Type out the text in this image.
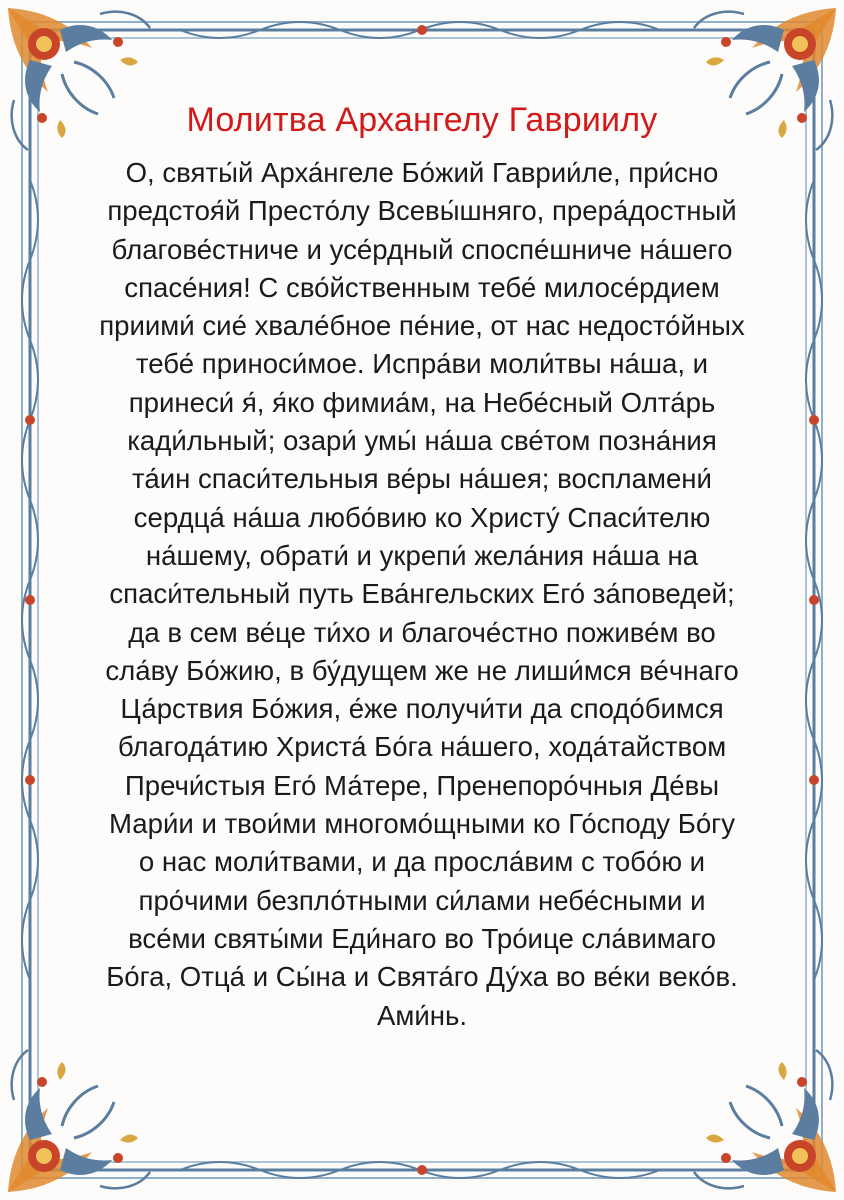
Молитва Архангелу Гавриилу
О, святы́й Арха́нгеле Бо́жий Гаврии́ле, при́сно
предстоя́й Престо́лу Всевы́шняго, прера́достный
благове́стниче и усе́рдный споспе́шниче на́шего
спасе́ния! С сво́йственным тебе́ милосе́рдием
приими́ сие́ хвале́бное пе́ние, от нас недосто́йных
тебе́ приноси́мое. Испра́ви моли́твы на́ша, и
принеси́ я́, я́ко фимиа́м, на Небе́сный Олта́рь
кади́льный; озари́ умы́ на́ша све́том позна́ния
та́ин спаси́тельныя ве́ры на́шея; воспламени́
сердца́ на́ша любо́вию ко Христу́ Спаси́телю
на́шему, обрати́ и укрепи́ жела́ния на́ша на
спаси́тельный путь Ева́нгельских Его́ за́поведей;
да в сем ве́це ти́хо и благоче́стно поживе́м во
сла́ву Бо́жию, в бу́дущем же не лиши́мся ве́чнаго
Ца́рствия Бо́жия, е́же получи́ти да сподо́бимся
благода́тию Христа́ Бо́га на́шего, хода́тайством
Пречи́стыя Его́ Ма́тере, Пренепоро́чныя Де́вы
Мари́и и твои́ми многомо́щными ко Го́споду Бо́гу
о нас моли́твами, и да просла́вим с тобо́ю и
про́чими безпло́тными си́лами небе́сными и
все́ми святы́ми Еди́наго во Тро́ице сла́вимаго
Бо́га, Отца́ и Сы́на и Свята́го Ду́ха во ве́ки веко́в.
Ами́нь.
